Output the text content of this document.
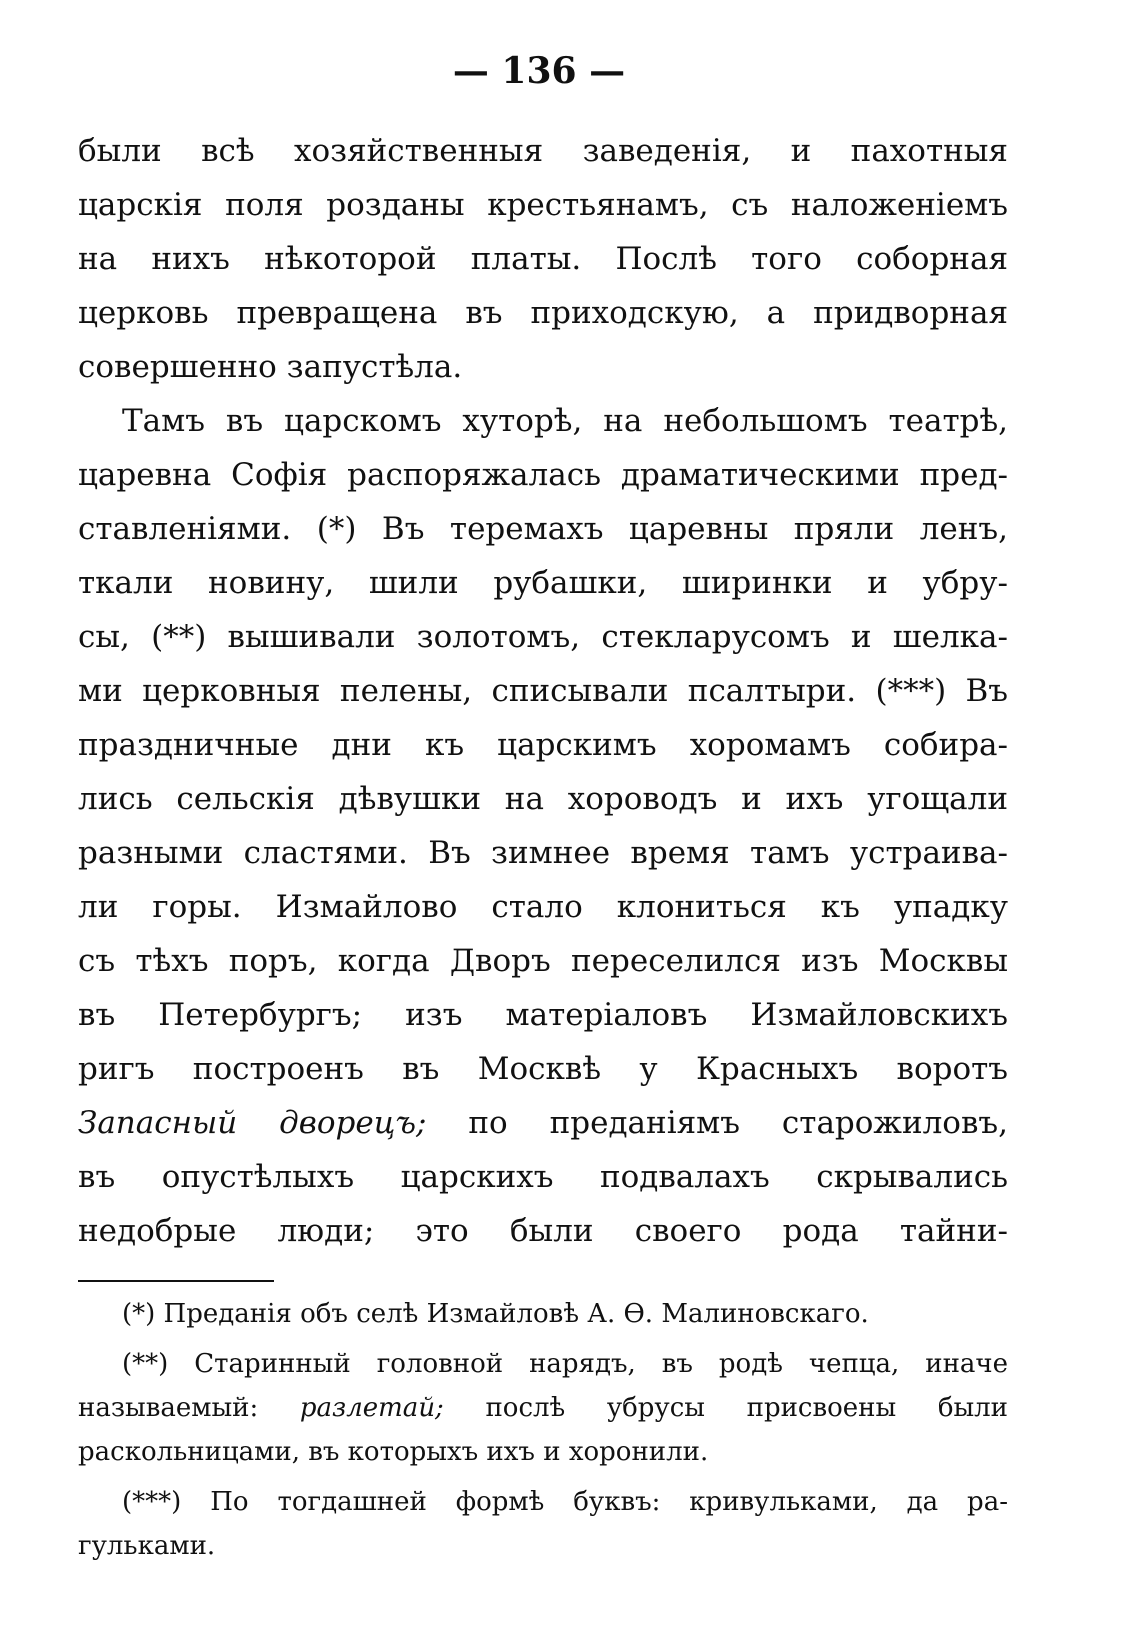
— 136 —
были всѣ хозяйственныя заведенія, и пахотныя
царскія поля розданы крестьянамъ, съ наложеніемъ
на нихъ нѣкоторой платы. Послѣ того соборная
церковь превращена въ приходскую, а придворная
совершенно запустѣла.
Тамъ въ царскомъ хуторѣ, на небольшомъ театрѣ,
царевна Софія распоряжалась драматическими пред-
ставленіями. (*) Въ теремахъ царевны пряли ленъ,
ткали новину, шили рубашки, ширинки и убру-
сы, (**) вышивали золотомъ, стекларусомъ и шелка-
ми церковныя пелены, списывали псалтыри. (***) Въ
праздничные дни къ царскимъ хоромамъ собира-
лись сельскія дѣвушки на хороводъ и ихъ угощали
разными сластями. Въ зимнее время тамъ устраива-
ли горы. Измайлово стало клониться къ упадку
съ тѣхъ поръ, когда Дворъ переселился изъ Москвы
въ Петербургъ; изъ матеріаловъ Измайловскихъ
ригъ построенъ въ Москвѣ у Красныхъ воротъ
Запасный дворецъ; по преданіямъ старожиловъ,
въ опустѣлыхъ царскихъ подвалахъ скрывались
недобрые люди; это были своего рода тайни-
(*) Преданія объ селѣ Измайловѣ А. Ѳ. Малиновскаго.
(**) Старинный головной нарядъ, въ родѣ чепца, иначе
называемый: разлетай; послѣ убрусы присвоены были
раскольницами, въ которыхъ ихъ и хоронили.
(***) По тогдашней формѣ буквъ: кривульками, да ра-
гульками.
